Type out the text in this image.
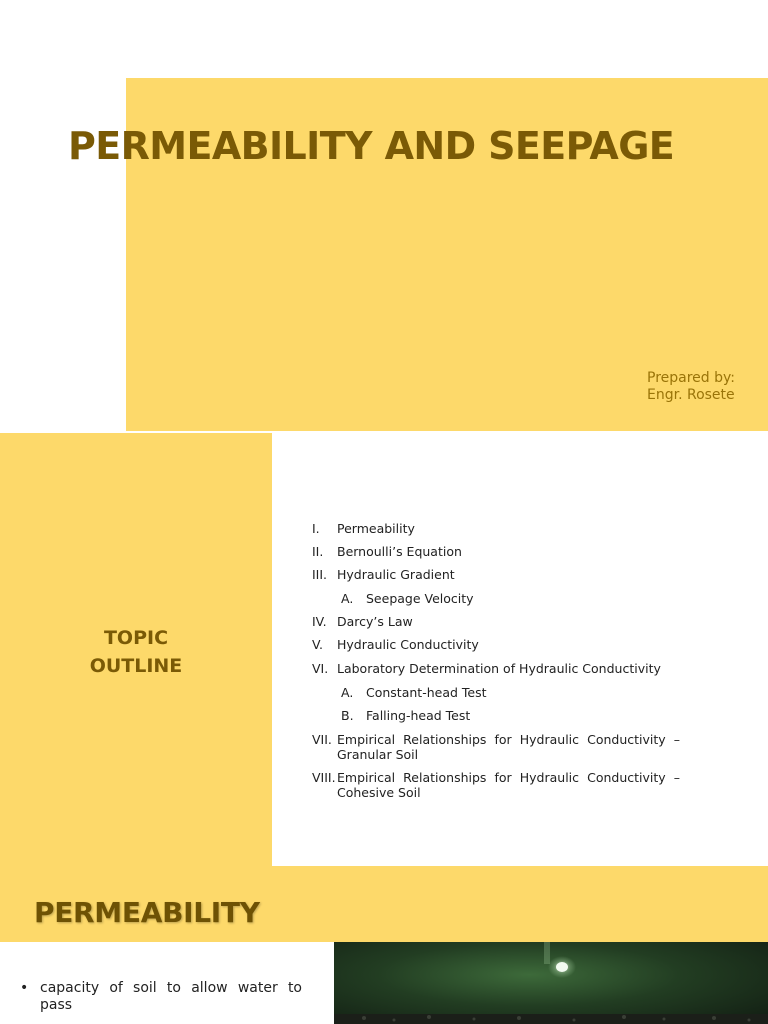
PERMEABILITY AND SEEPAGE
Prepared by:
Engr. Rosete
TOPIC
OUTLINE
I.	Permeability
II.	Bernoulli’s Equation
III. Hydraulic Gradient
A.	Seepage Velocity
IV. Darcy’s Law
V.	Hydraulic Conductivity
VI. Laboratory Determination of Hydraulic Conductivity
A.	Constant-head Test
B. Falling-head Test
VII. Empirical Relationships for Hydraulic Conductivity – Granular Soil
VIII. Empirical Relationships for Hydraulic Conductivity – Cohesive Soil
PERMEABILITY
• capacity of soil to allow water to pass
